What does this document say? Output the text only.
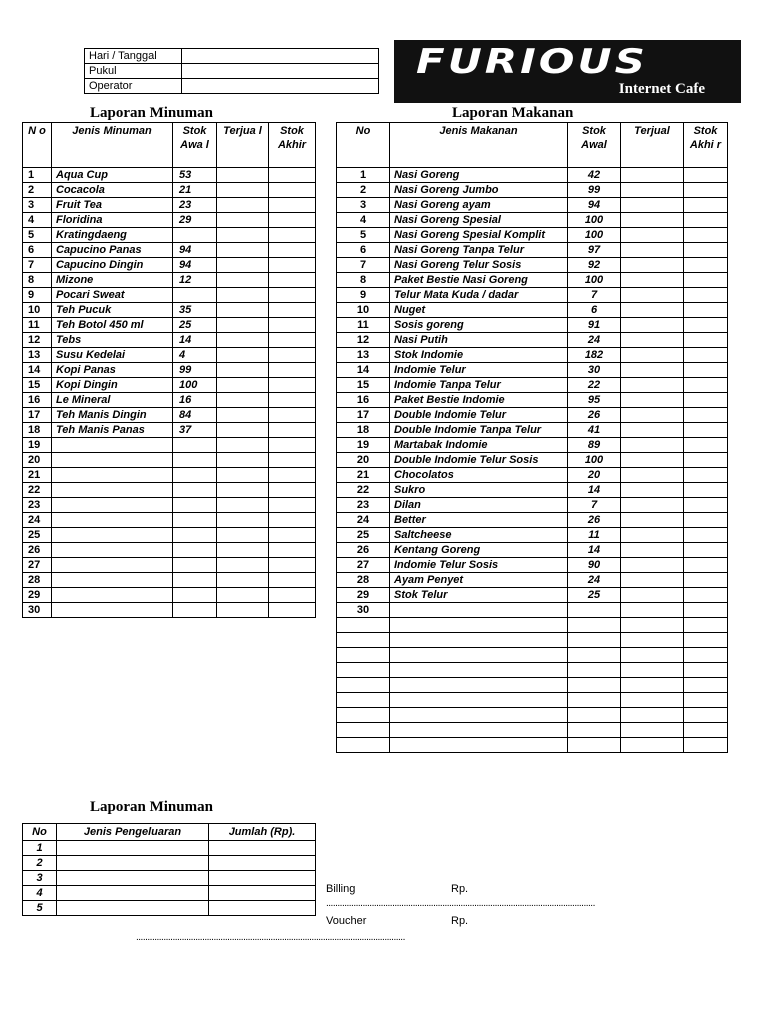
Hari / Tanggal	
Pukul	
Operator	
FURIOUS
Internet Cafe
Laporan Minuman
N o	Jenis Minuman	Stok Awa l	Terjua l	Stok Akhir
1	Aqua Cup	53		
2	Cocacola	21		
3	Fruit Tea	23		
4	Floridina	29		
5	Kratingdaeng			
6	Capucino Panas	94		
7	Capucino Dingin	94		
8	Mizone	12		
9	Pocari Sweat			
10	Teh Pucuk	35		
11	Teh Botol 450 ml	25		
12	Tebs	14		
13	Susu Kedelai	4		
14	Kopi Panas	99		
15	Kopi Dingin	100		
16	Le Mineral	16		
17	Teh Manis Dingin	84		
18	Teh Manis Panas	37		
19				
20				
21				
22				
23				
24				
25				
26				
27				
28				
29				
30				
Laporan Makanan
No	Jenis Makanan	Stok Awal	Terjual	Stok Akhi r
1	Nasi Goreng	42		
2	Nasi Goreng Jumbo	99		
3	Nasi Goreng ayam	94		
4	Nasi Goreng Spesial	100		
5	Nasi Goreng Spesial Komplit	100		
6	Nasi Goreng Tanpa Telur	97		
7	Nasi Goreng Telur Sosis	92		
8	Paket Bestie Nasi Goreng	100		
9	Telur Mata Kuda / dadar	7		
10	Nuget	6		
11	Sosis goreng	91		
12	Nasi Putih	24		
13	Stok Indomie	182		
14	Indomie Telur	30		
15	Indomie Tanpa Telur	22		
16	Paket Bestie Indomie	95		
17	Double Indomie Telur	26		
18	Double Indomie Tanpa Telur	41		
19	Martabak Indomie	89		
20	Double Indomie Telur Sosis	100		
21	Chocolatos	20		
22	Sukro	14		
23	Dilan	7		
24	Better	26		
25	Saltcheese	11		
26	Kentang Goreng	14		
27	Indomie Telur Sosis	90		
28	Ayam Penyet	24		
29	Stok Telur	25		
30				

Laporan Minuman
No	Jenis Pengeluaran	Jumlah (Rp).
1		
2		
3		
4		
5		
Billing	Rp.
......................................................................................................................
Voucher	Rp.
......................................................................................................................
